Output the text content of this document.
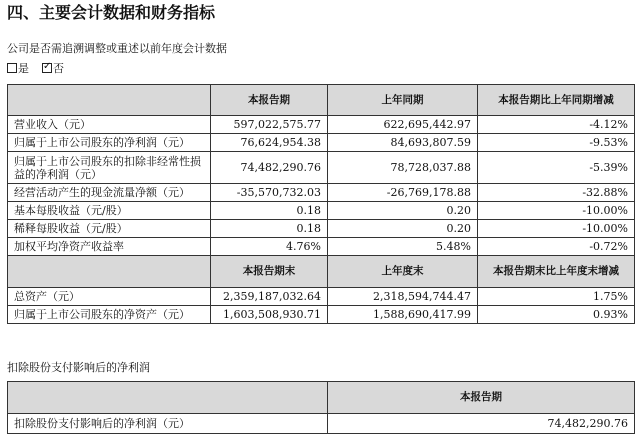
四、主要会计数据和财务指标
公司是否需追溯调整或重述以前年度会计数据
是 ✓ 否
	本报告期	上年同期	本报告期比上年同期增减
营业收入（元）	597,022,575.77	622,695,442.97	-4.12%
归属于上市公司股东的净利润（元）	76,624,954.38	84,693,807.59	-9.53%
归属于上市公司股东的扣除非经常性损益的净利润（元）	74,482,290.76	78,728,037.88	-5.39%
经营活动产生的现金流量净额（元）	-35,570,732.03	-26,769,178.88	-32.88%
基本每股收益（元/股）	0.18	0.20	-10.00%
稀释每股收益（元/股）	0.18	0.20	-10.00%
加权平均净资产收益率	4.76%	5.48%	-0.72%
	本报告期末	上年度末	本报告期末比上年度末增减
总资产（元）	2,359,187,032.64	2,318,594,744.47	1.75%
归属于上市公司股东的净资产（元）	1,603,508,930.71	1,588,690,417.99	0.93%
扣除股份支付影响后的净利润
	本报告期
扣除股份支付影响后的净利润（元）	74,482,290.76
